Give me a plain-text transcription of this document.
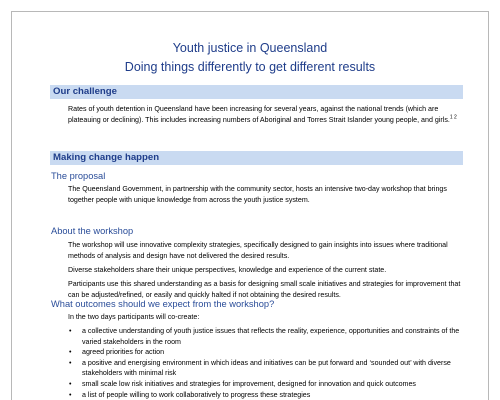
Youth justice in Queensland
Doing things differently to get different results
Our challenge

Rates of youth detention in Queensland have been increasing for several years, against the national trends (which are plateauing or declining). This includes increasing numbers of Aboriginal and Torres Strait Islander young people, and girls.$^{1 2}$

Making change happen
The proposal

The Queensland Government, in partnership with the community sector, hosts an intensive two-day workshop that brings together people with unique knowledge from across the youth justice system.

About the workshop

The workshop will use innovative complexity strategies, specifically designed to gain insights into issues where traditional methods of analysis and design have not delivered the desired results.

Diverse stakeholders share their unique perspectives, knowledge and experience of the current state.

Participants use this shared understanding as a basis for designing small scale initiatives and strategies for improvement that can be adjusted/refined, or easily and quickly halted if not obtaining the desired results.

What outcomes should we expect from the workshop?

In the two days participants will co-create:

• a collective understanding of youth justice issues that reflects the reality, experience, opportunities and constraints of the varied stakeholders in the room
• agreed priorities for action
• a positive and energising environment in which ideas and initiatives can be put forward and ‘sounded out’ with diverse stakeholders with minimal risk
• small scale low risk initiatives and strategies for improvement, designed for innovation and quick outcomes
• a list of people willing to work collaboratively to progress these strategies
